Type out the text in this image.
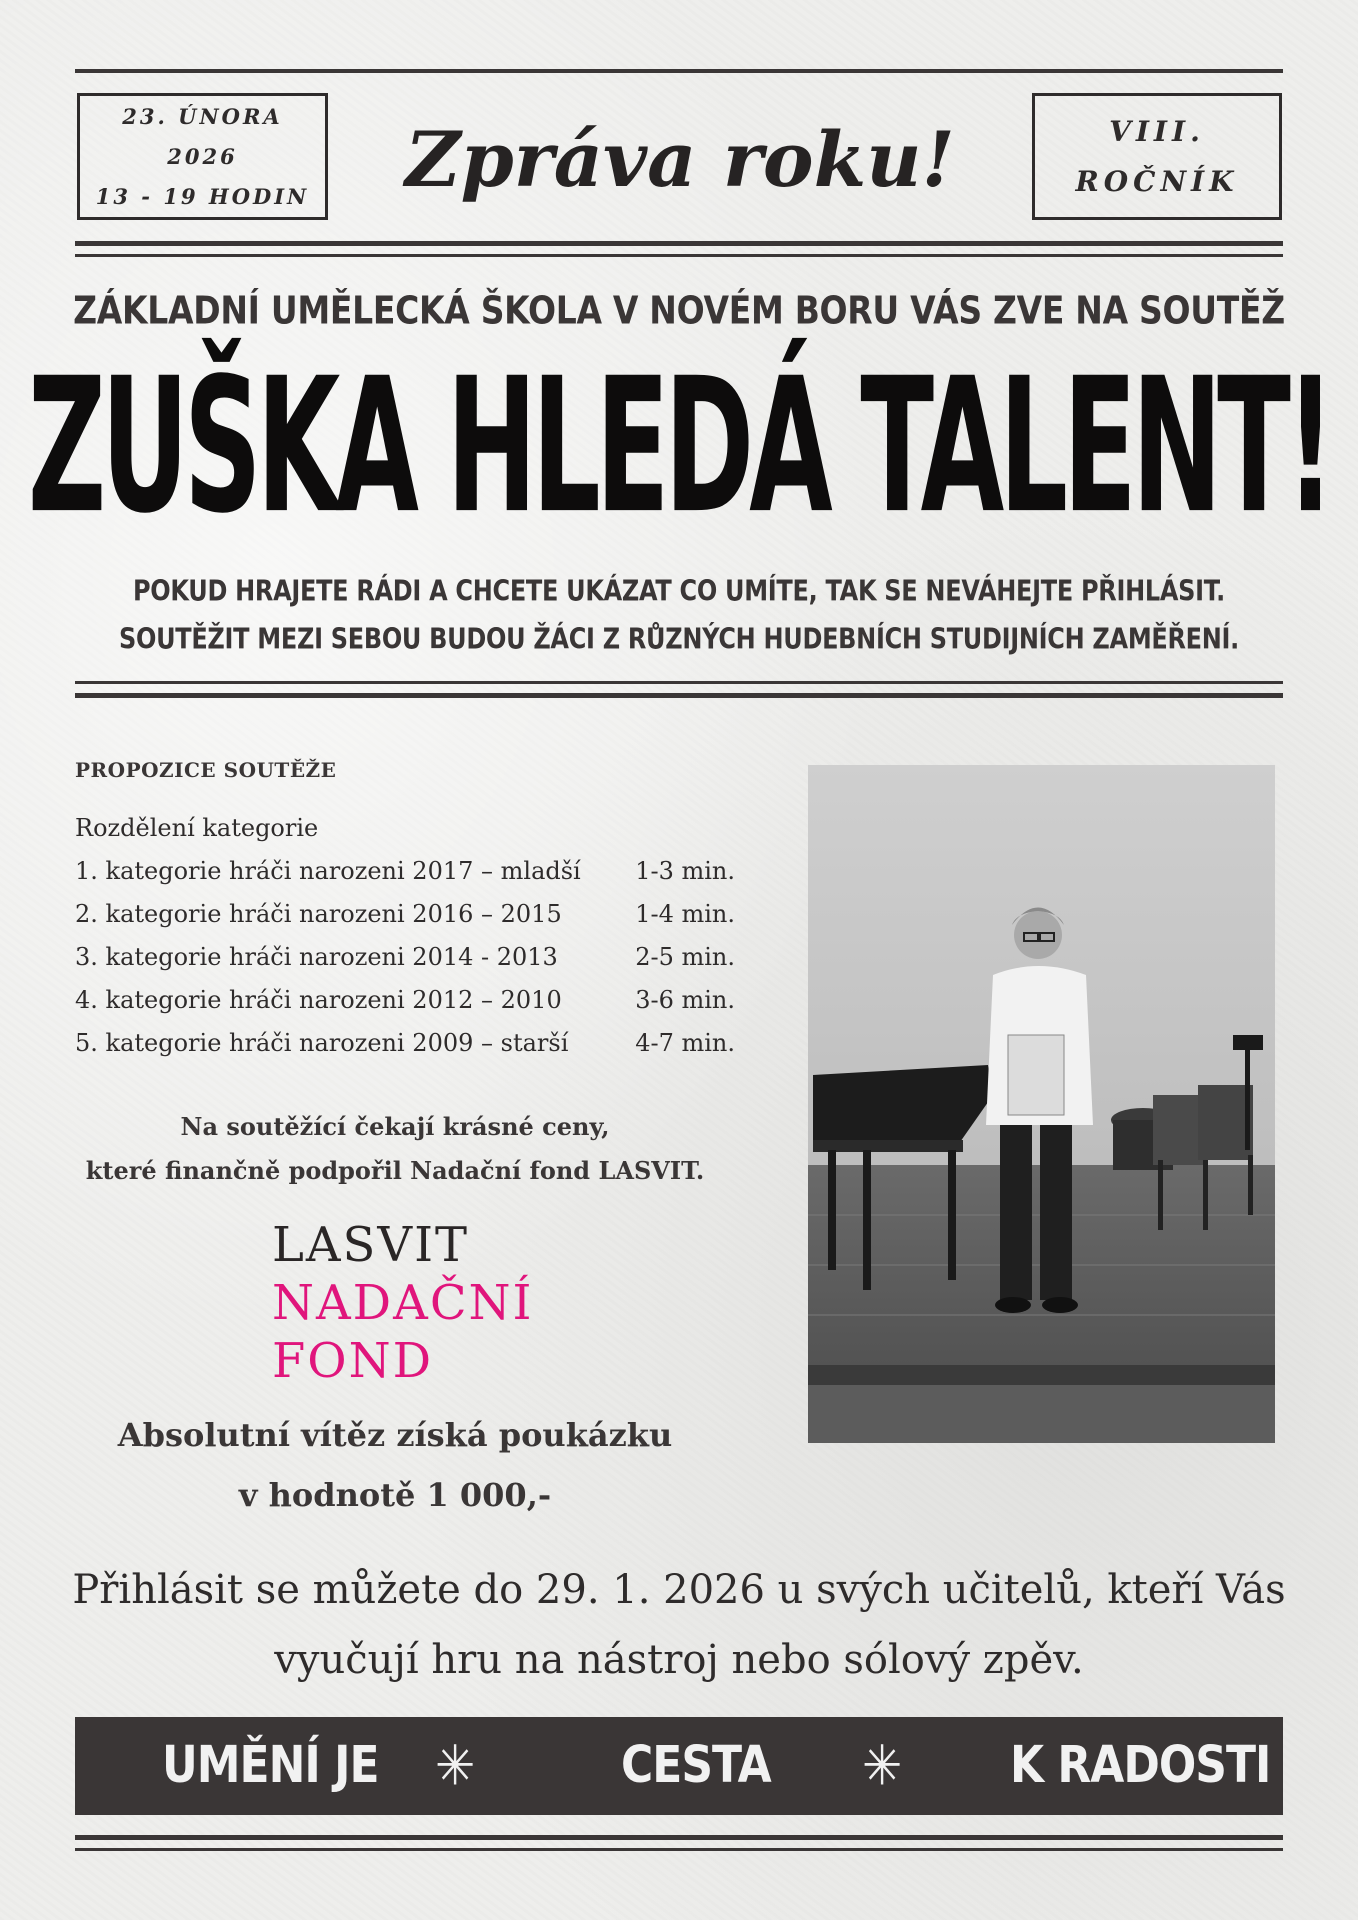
23. ÚNORA
2026
13 - 19 HODIN	Zpráva roku!	VIII.
ROČNÍK
ZÁKLADNÍ UMĚLECKÁ ŠKOLA V NOVÉM BORU VÁS ZVE NA SOUTĚŽ
ZUŠKA HLEDÁ TALENT!
POKUD HRAJETE RÁDI A CHCETE UKÁZAT CO UMÍTE, TAK SE NEVÁHEJTE PŘIHLÁSIT.
SOUTĚŽIT MEZI SEBOU BUDOU ŽÁCI Z RŮZNÝCH HUDEBNÍCH STUDIJNÍCH ZAMĚŘENÍ.
PROPOZICE SOUTĚŽE
Rozdělení kategorie
1. kategorie hráči narozeni 2017 – mladší 1-3 min.
2. kategorie hráči narozeni 2016 – 2015	1-4 min.
3. kategorie hráči narozeni 2014 - 2013	2-5 min.
4. kategorie hráči narozeni 2012 – 2010	3-6 min.
5. kategorie hráči narozeni 2009 – starší	4-7 min.
Na soutěžící čekají krásné ceny,
které finančně podpořil Nadační fond LASVIT.
LASVIT
NADAČNÍ
FOND
Absolutní vítěz získá poukázku
v hodnotě 1 000,-
Přihlásit se můžete do 29. 1. 2026 u svých učitelů, kteří Vás
vyučují hru na nástroj nebo sólový zpěv.
UMĚNÍ JE ✳	CESTA ✳ K RADOSTI
